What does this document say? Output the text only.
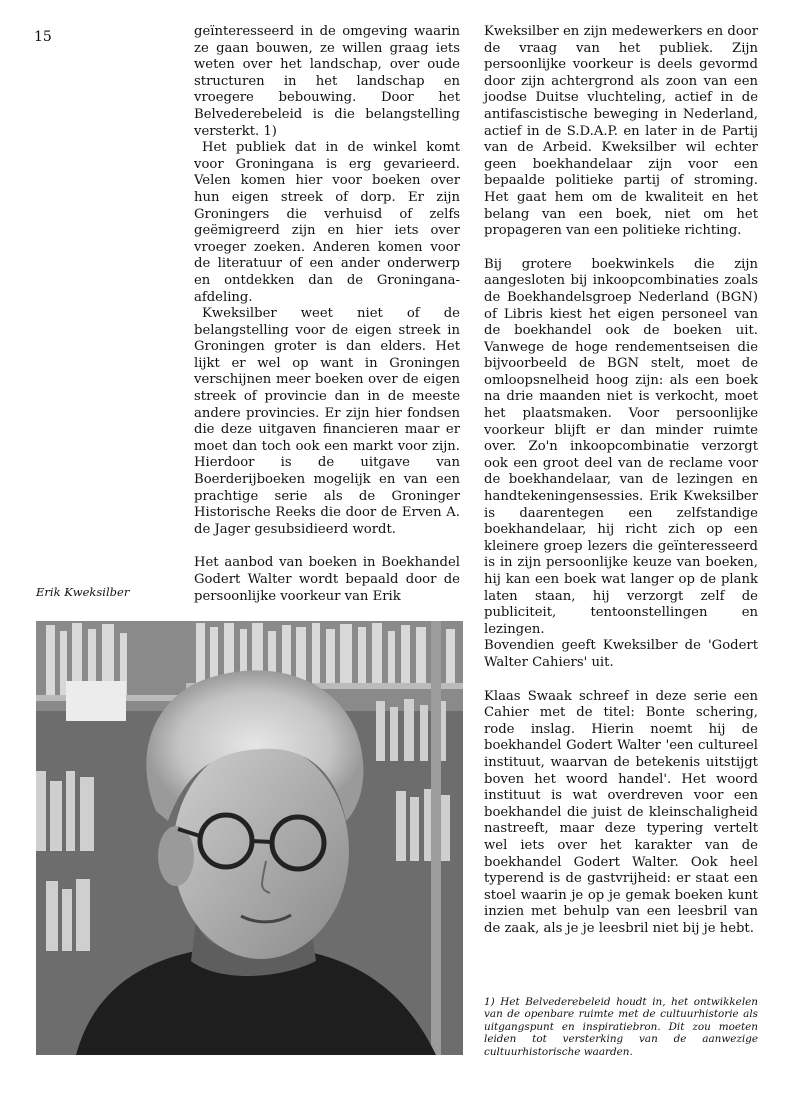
15	geïnteresseerd in de omgeving waarin ze gaan bouwen, ze willen graag iets weten over het landschap, over oude structuren in het landschap en vroegere bebouwing. Door het Belvederebeleid is die belangstelling versterkt. 1)

Het publiek dat in de winkel komt voor Groningana is erg gevarieerd. Velen komen hier voor boeken over hun eigen streek of dorp. Er zijn Groningers die verhuisd of zelfs geëmigreerd zijn en hier iets over vroeger zoeken. Anderen komen voor de literatuur of een ander onderwerp en ontdekken dan de Groningana-afdeling.

Kweksilber weet niet of de belangstelling voor de eigen streek in Groningen groter is dan elders. Het lijkt er wel op want in Groningen verschijnen meer boeken over de eigen streek of provincie dan in de meeste andere provincies. Er zijn hier fondsen die deze uitgaven financieren maar er moet dan toch ook een markt voor zijn. Hierdoor is de uitgave van Boerderijboeken mogelijk en van een prachtige serie als de Groninger Historische Reeks die door de Erven A. de Jager gesubsidieerd wordt.

Het aanbod van boeken in Boekhandel Godert Walter wordt bepaald door de persoonlijke voorkeur van Erik

Kweksilber en zijn medewerkers en door de vraag van het publiek. Zijn persoonlijke voorkeur is deels gevormd door zijn achtergrond als zoon van een joodse Duitse vluchteling, actief in de antifascistische beweging in Nederland, actief in de S.D.A.P. en later in de Partij van de Arbeid. Kweksilber wil echter geen boekhandelaar zijn voor een bepaalde politieke partij of stroming. Het gaat hem om de kwaliteit en het belang van een boek, niet om het propageren van een politieke richting.

Bij grotere boekwinkels die zijn aangesloten bij inkoopcombinaties zoals de Boekhandelsgroep Nederland (BGN) of Libris kiest het eigen personeel van de boekhandel ook de boeken uit. Vanwege de hoge rendementseisen die bijvoorbeeld de BGN stelt, moet de omloopsnelheid hoog zijn: als een boek na drie maanden niet is verkocht, moet het plaatsmaken. Voor persoonlijke voorkeur blijft er dan minder ruimte over. Zo'n inkoopcombinatie verzorgt ook een groot deel van de reclame voor de boekhandelaar, van de lezingen en handtekeningensessies. Erik Kweksilber is daarentegen een zelfstandige boekhandelaar, hij richt zich op een kleinere groep lezers die geïnteresseerd is in zijn persoonlijke keuze van boeken, hij kan een boek wat langer op de plank laten staan, hij verzorgt zelf de publiciteit, tentoonstellingen en lezingen.

Bovendien geeft Kweksilber de 'Godert Walter Cahiers' uit.

Klaas Swaak schreef in deze serie een Cahier met de titel: Bonte schering, rode inslag. Hierin noemt hij de boekhandel Godert Walter 'een cultureel instituut, waarvan de betekenis uitstijgt boven het woord handel'. Het woord instituut is wat overdreven voor een boekhandel die juist de kleinschaligheid nastreeft, maar deze typering vertelt wel iets over het karakter van de boekhandel Godert Walter. Ook heel typerend is de gastvrijheid: er staat een stoel waarin je op je gemak boeken kunt inzien met behulp van een leesbril van de zaak, als je je leesbril niet bij je hebt.

Erik Kweksilber
1) Het Belvederebeleid houdt in, het ontwikkelen van de openbare ruimte met de cultuurhistorie als uitgangspunt en inspiratiebron. Dit zou moeten leiden tot versterking van de aanwezige cultuurhistorische waarden.
